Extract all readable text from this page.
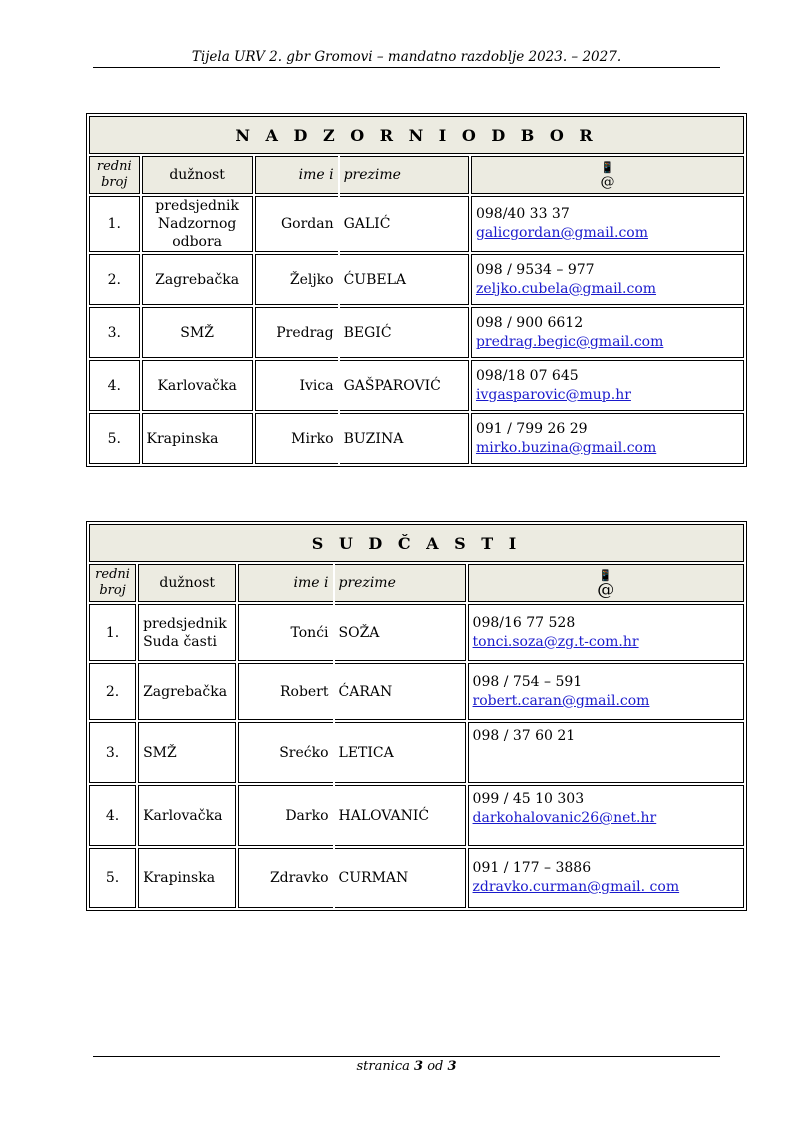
Tijela URV 2. gbr Gromovi – mandatno razdoblje 2023. – 2027.
N A D Z O R N I O D B O R				
redni broj	dužnost	ime i	prezime	📱
@
1.	predsjednik Nadzornog odbora	Gordan	GALIĆ	098/40 33 37
galicgordan@gmail.com
2.	Zagrebačka	Željko	ĆUBELA	098 / 9534 – 977
zeljko.cubela@gmail.com
3.	SMŽ	Predrag	BEGIĆ	098 / 900 6612
predrag.begic@gmail.com
4.	Karlovačka	Ivica	GAŠPAROVIĆ	098/18 07 645
ivgasparovic@mup.hr
5.	Krapinska	Mirko	BUZINA	091 / 799 26 29
mirko.buzina@gmail.com
S U D Č A S T I				
redni broj	dužnost	ime i	prezime	📱
@
1.	predsjednik Suda časti	Tonći	SOŽA	098/16 77 528
tonci.soza@zg.t-com.hr
2.	Zagrebačka	Robert	ĆARAN	098 / 754 – 591
robert.caran@gmail.com
3.	SMŽ	Srećko	LETICA	098 / 37 60 21

4.	Karlovačka	Darko	HALOVANIĆ	099 / 45 10 303
darkohalovanic26@net.hr
5.	Krapinska	Zdravko	CURMAN	091 / 177 – 3886
zdravko.curman@gmail. com
stranica 3 od 3
